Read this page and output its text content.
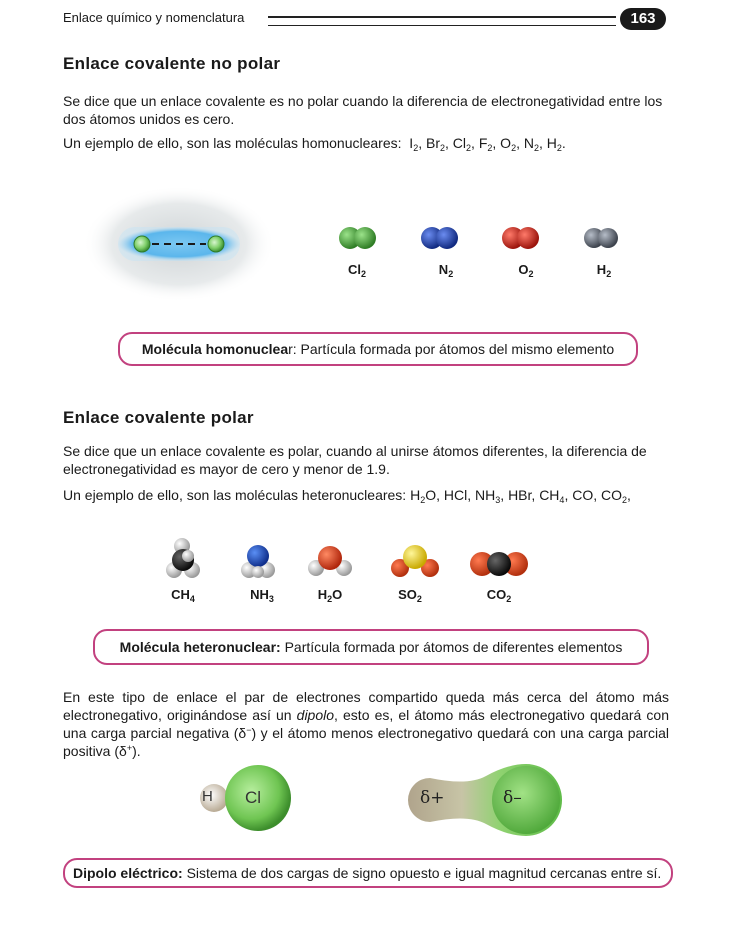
Enlace químico y nomenclatura	163
Enlace covalente no polar

Se dice que un enlace covalente es no polar cuando la diferencia de electronegatividad entre los dos átomos unidos es cero.

Un ejemplo de ello, son las moléculas homonucleares: $I_2$, $Br_2$, $Cl_2$, $F_2$, $O_2$, $N_2$, $H_2$.

$Cl_2$	$N_2$	$O_2$	$H_2$
Molécula homonuclear: Partícula formada por átomos del mismo elemento
Enlace covalente polar

Se dice que un enlace covalente es polar, cuando al unirse átomos diferentes, la diferencia de electronegatividad es mayor de cero y menor de 1.9.

Un ejemplo de ello, son las moléculas heteronucleares: $H_2O$, HCl, $NH_3$, HBr, $CH_4$, CO, $CO_2$,

$CH_4$	$NH_3$	$H_2O$	$SO_2$	$CO_2$
Molécula heteronuclear: Partícula formada por átomos de diferentes elementos

En este tipo de enlace el par de electrones compartido queda más cerca del átomo más electronegativo, originándose así un dipolo, esto es, el átomo más electronegativo quedará con una carga parcial negativa (δ−) y el átomo menos electronegativo quedará con una carga parcial positiva (δ+).

H Cl	δ+	δ–
Dipolo eléctrico: Sistema de dos cargas de signo opuesto e igual magnitud cercanas entre sí.
